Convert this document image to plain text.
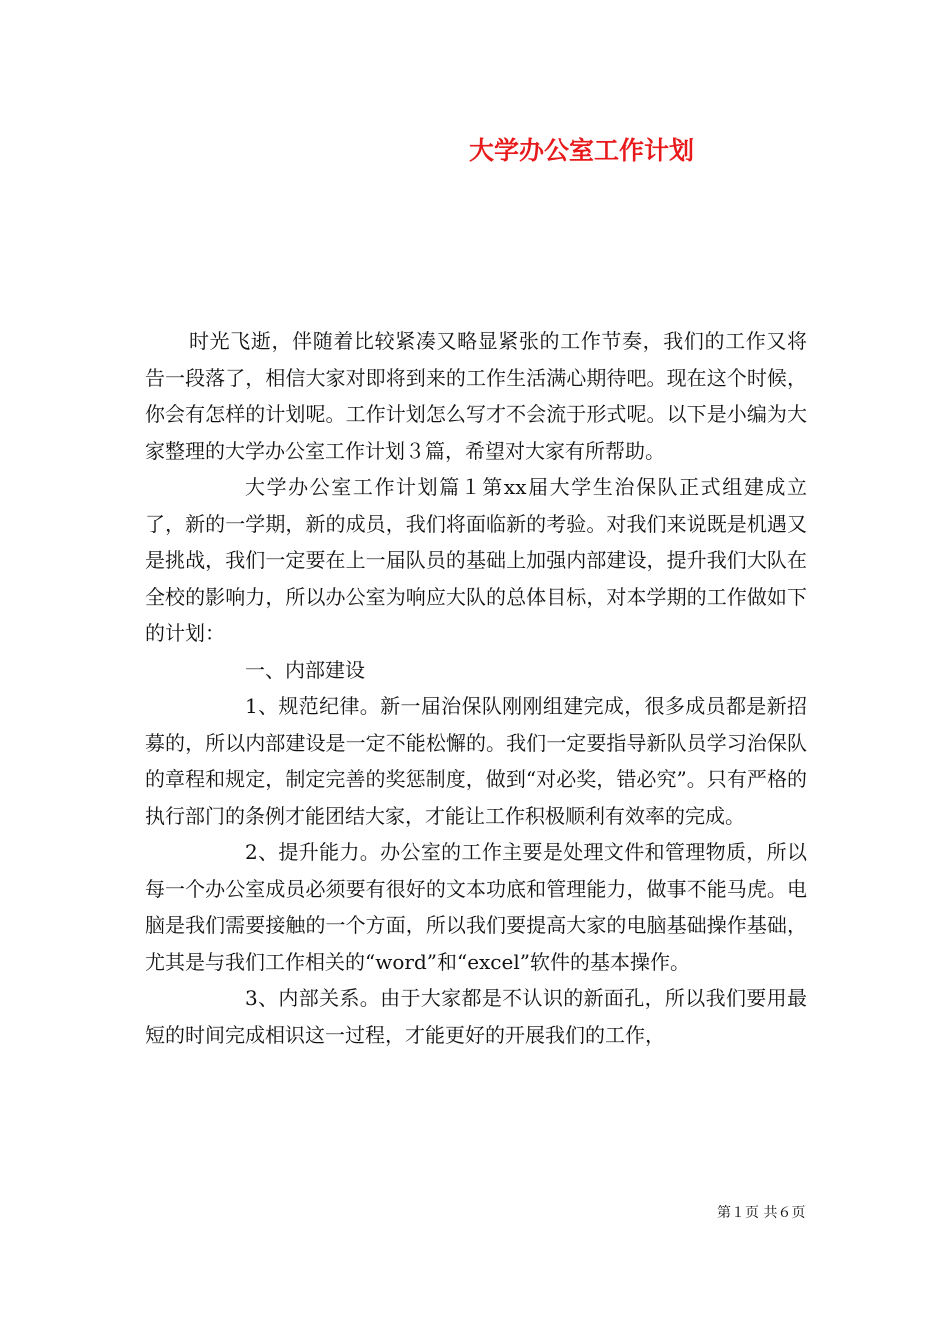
大学办公室工作计划

时光飞逝，伴随着比较紧凑又略显紧张的工作节奏，我们的工作又将告一段落了，相信大家对即将到来的工作生活满心期待吧。现在这个时候，你会有怎样的计划呢。工作计划怎么写才不会流于形式呢。以下是小编为大家整理的大学办公室工作计划３篇，希望对大家有所帮助。

大学办公室工作计划篇１第xx届大学生治保队正式组建成立了，新的一学期，新的成员，我们将面临新的考验。对我们来说既是机遇又是挑战，我们一定要在上一届队员的基础上加强内部建设，提升我们大队在全校的影响力，所以办公室为响应大队的总体目标，对本学期的工作做如下的计划：

一、内部建设

1、规范纪律。新一届治保队刚刚组建完成，很多成员都是新招募的，所以内部建设是一定不能松懈的。我们一定要指导新队员学习治保队的章程和规定，制定完善的奖惩制度，做到“对必奖，错必究”。只有严格的执行部门的条例才能团结大家，才能让工作积极顺利有效率的完成。

2、提升能力。办公室的工作主要是处理文件和管理物质，所以每一个办公室成员必须要有很好的文本功底和管理能力，做事不能马虎。电脑是我们需要接触的一个方面，所以我们要提高大家的电脑基础操作基础，尤其是与我们工作相关的“word”和“excel”软件的基本操作。

3、内部关系。由于大家都是不认识的新面孔，所以我们要用最短的时间完成相识这一过程，才能更好的开展我们的工作，

第１页 共６页
